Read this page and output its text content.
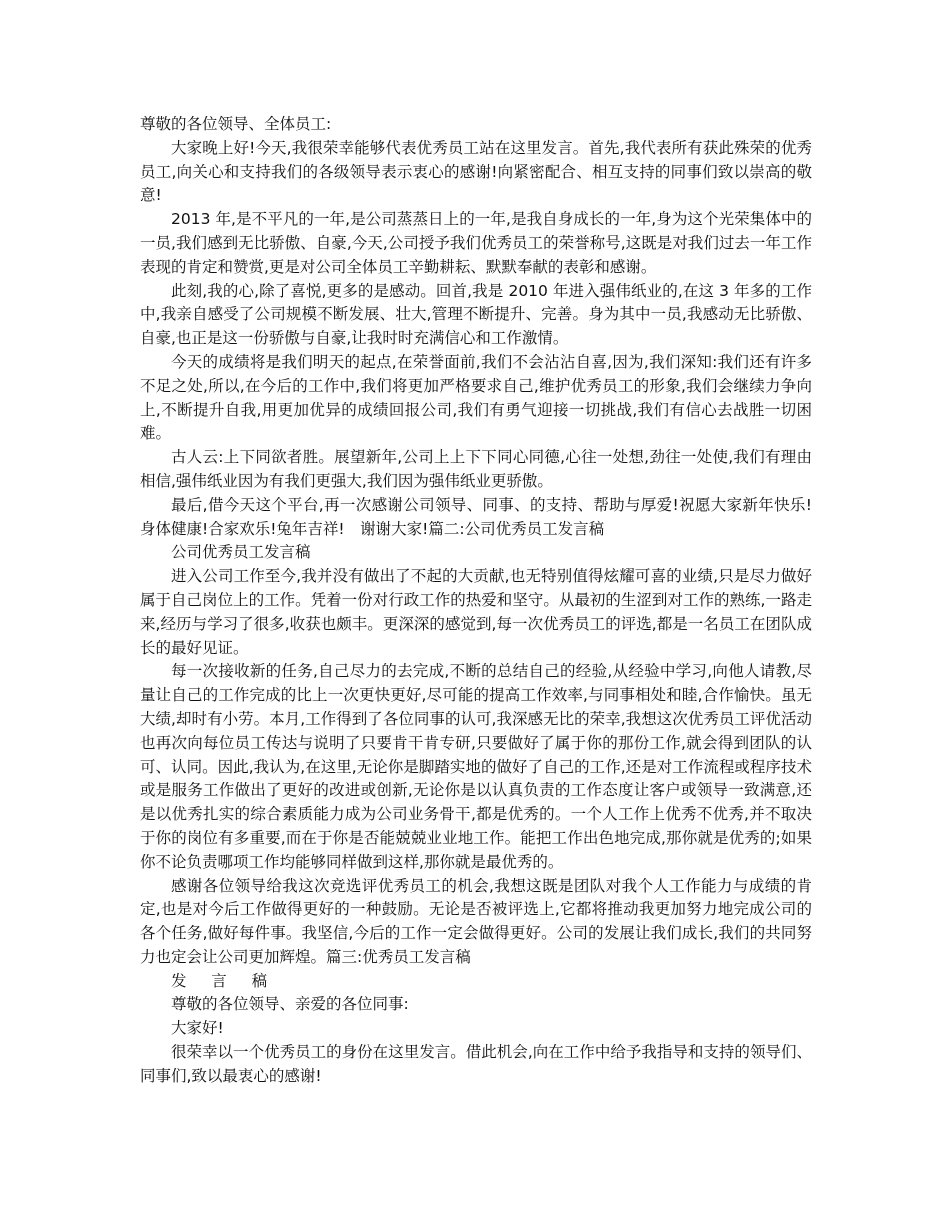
尊敬的各位领导、全体员工:

大家晚上好!今天,我很荣幸能够代表优秀员工站在这里发言。首先,我代表所有获此殊荣的优秀员工,向关心和支持我们的各级领导表示衷心的感谢!向紧密配合、相互支持的同事们致以崇高的敬意!

2013 年,是不平凡的一年,是公司蒸蒸日上的一年,是我自身成长的一年,身为这个光荣集体中的一员,我们感到无比骄傲、自豪,今天,公司授予我们优秀员工的荣誉称号,这既是对我们过去一年工作表现的肯定和赞赏,更是对公司全体员工辛勤耕耘、默默奉献的表彰和感谢。

此刻,我的心,除了喜悦,更多的是感动。回首,我是 2010 年进入强伟纸业的,在这 3 年多的工作中,我亲自感受了公司规模不断发展、壮大,管理不断提升、完善。身为其中一员,我感动无比骄傲、自豪,也正是这一份骄傲与自豪,让我时时充满信心和工作激情。

今天的成绩将是我们明天的起点,在荣誉面前,我们不会沾沾自喜,因为,我们深知:我们还有许多不足之处,所以,在今后的工作中,我们将更加严格要求自己,维护优秀员工的形象,我们会继续力争向上,不断提升自我,用更加优异的成绩回报公司,我们有勇气迎接一切挑战,我们有信心去战胜一切困难。

古人云:上下同欲者胜。展望新年,公司上上下下同心同德,心往一处想,劲往一处使,我们有理由相信,强伟纸业因为有我们更强大,我们因为强伟纸业更骄傲。

最后,借今天这个平台,再一次感谢公司领导、同事、的支持、帮助与厚爱!祝愿大家新年快乐!身体健康!合家欢乐!兔年吉祥!　谢谢大家!篇二:公司优秀员工发言稿

公司优秀员工发言稿

进入公司工作至今,我并没有做出了不起的大贡献,也无特别值得炫耀可喜的业绩,只是尽力做好属于自己岗位上的工作。凭着一份对行政工作的热爱和坚守。从最初的生涩到对工作的熟练,一路走来,经历与学习了很多,收获也颇丰。更深深的感觉到,每一次优秀员工的评选,都是一名员工在团队成长的最好见证。

每一次接收新的任务,自己尽力的去完成,不断的总结自己的经验,从经验中学习,向他人请教,尽量让自己的工作完成的比上一次更快更好,尽可能的提高工作效率,与同事相处和睦,合作愉快。虽无大绩,却时有小劳。本月,工作得到了各位同事的认可,我深感无比的荣幸,我想这次优秀员工评优活动也再次向每位员工传达与说明了只要肯干肯专研,只要做好了属于你的那份工作,就会得到团队的认可、认同。因此,我认为,在这里,无论你是脚踏实地的做好了自己的工作,还是对工作流程或程序技术或是服务工作做出了更好的改进或创新,无论你是以认真负责的工作态度让客户或领导一致满意,还是以优秀扎实的综合素质能力成为公司业务骨干,都是优秀的。一个人工作上优秀不优秀,并不取决于你的岗位有多重要,而在于你是否能兢兢业业地工作。能把工作出色地完成,那你就是优秀的;如果你不论负责哪项工作均能够同样做到这样,那你就是最优秀的。

感谢各位领导给我这次竞选评优秀员工的机会,我想这既是团队对我个人工作能力与成绩的肯定,也是对今后工作做得更好的一种鼓励。无论是否被评选上,它都将推动我更加努力地完成公司的各个任务,做好每件事。我坚信,今后的工作一定会做得更好。公司的发展让我们成长,我们的共同努力也定会让公司更加辉煌。篇三:优秀员工发言稿

发言稿

尊敬的各位领导、亲爱的各位同事:

大家好!

很荣幸以一个优秀员工的身份在这里发言。借此机会,向在工作中给予我指导和支持的领导们、同事们,致以最衷心的感谢!
